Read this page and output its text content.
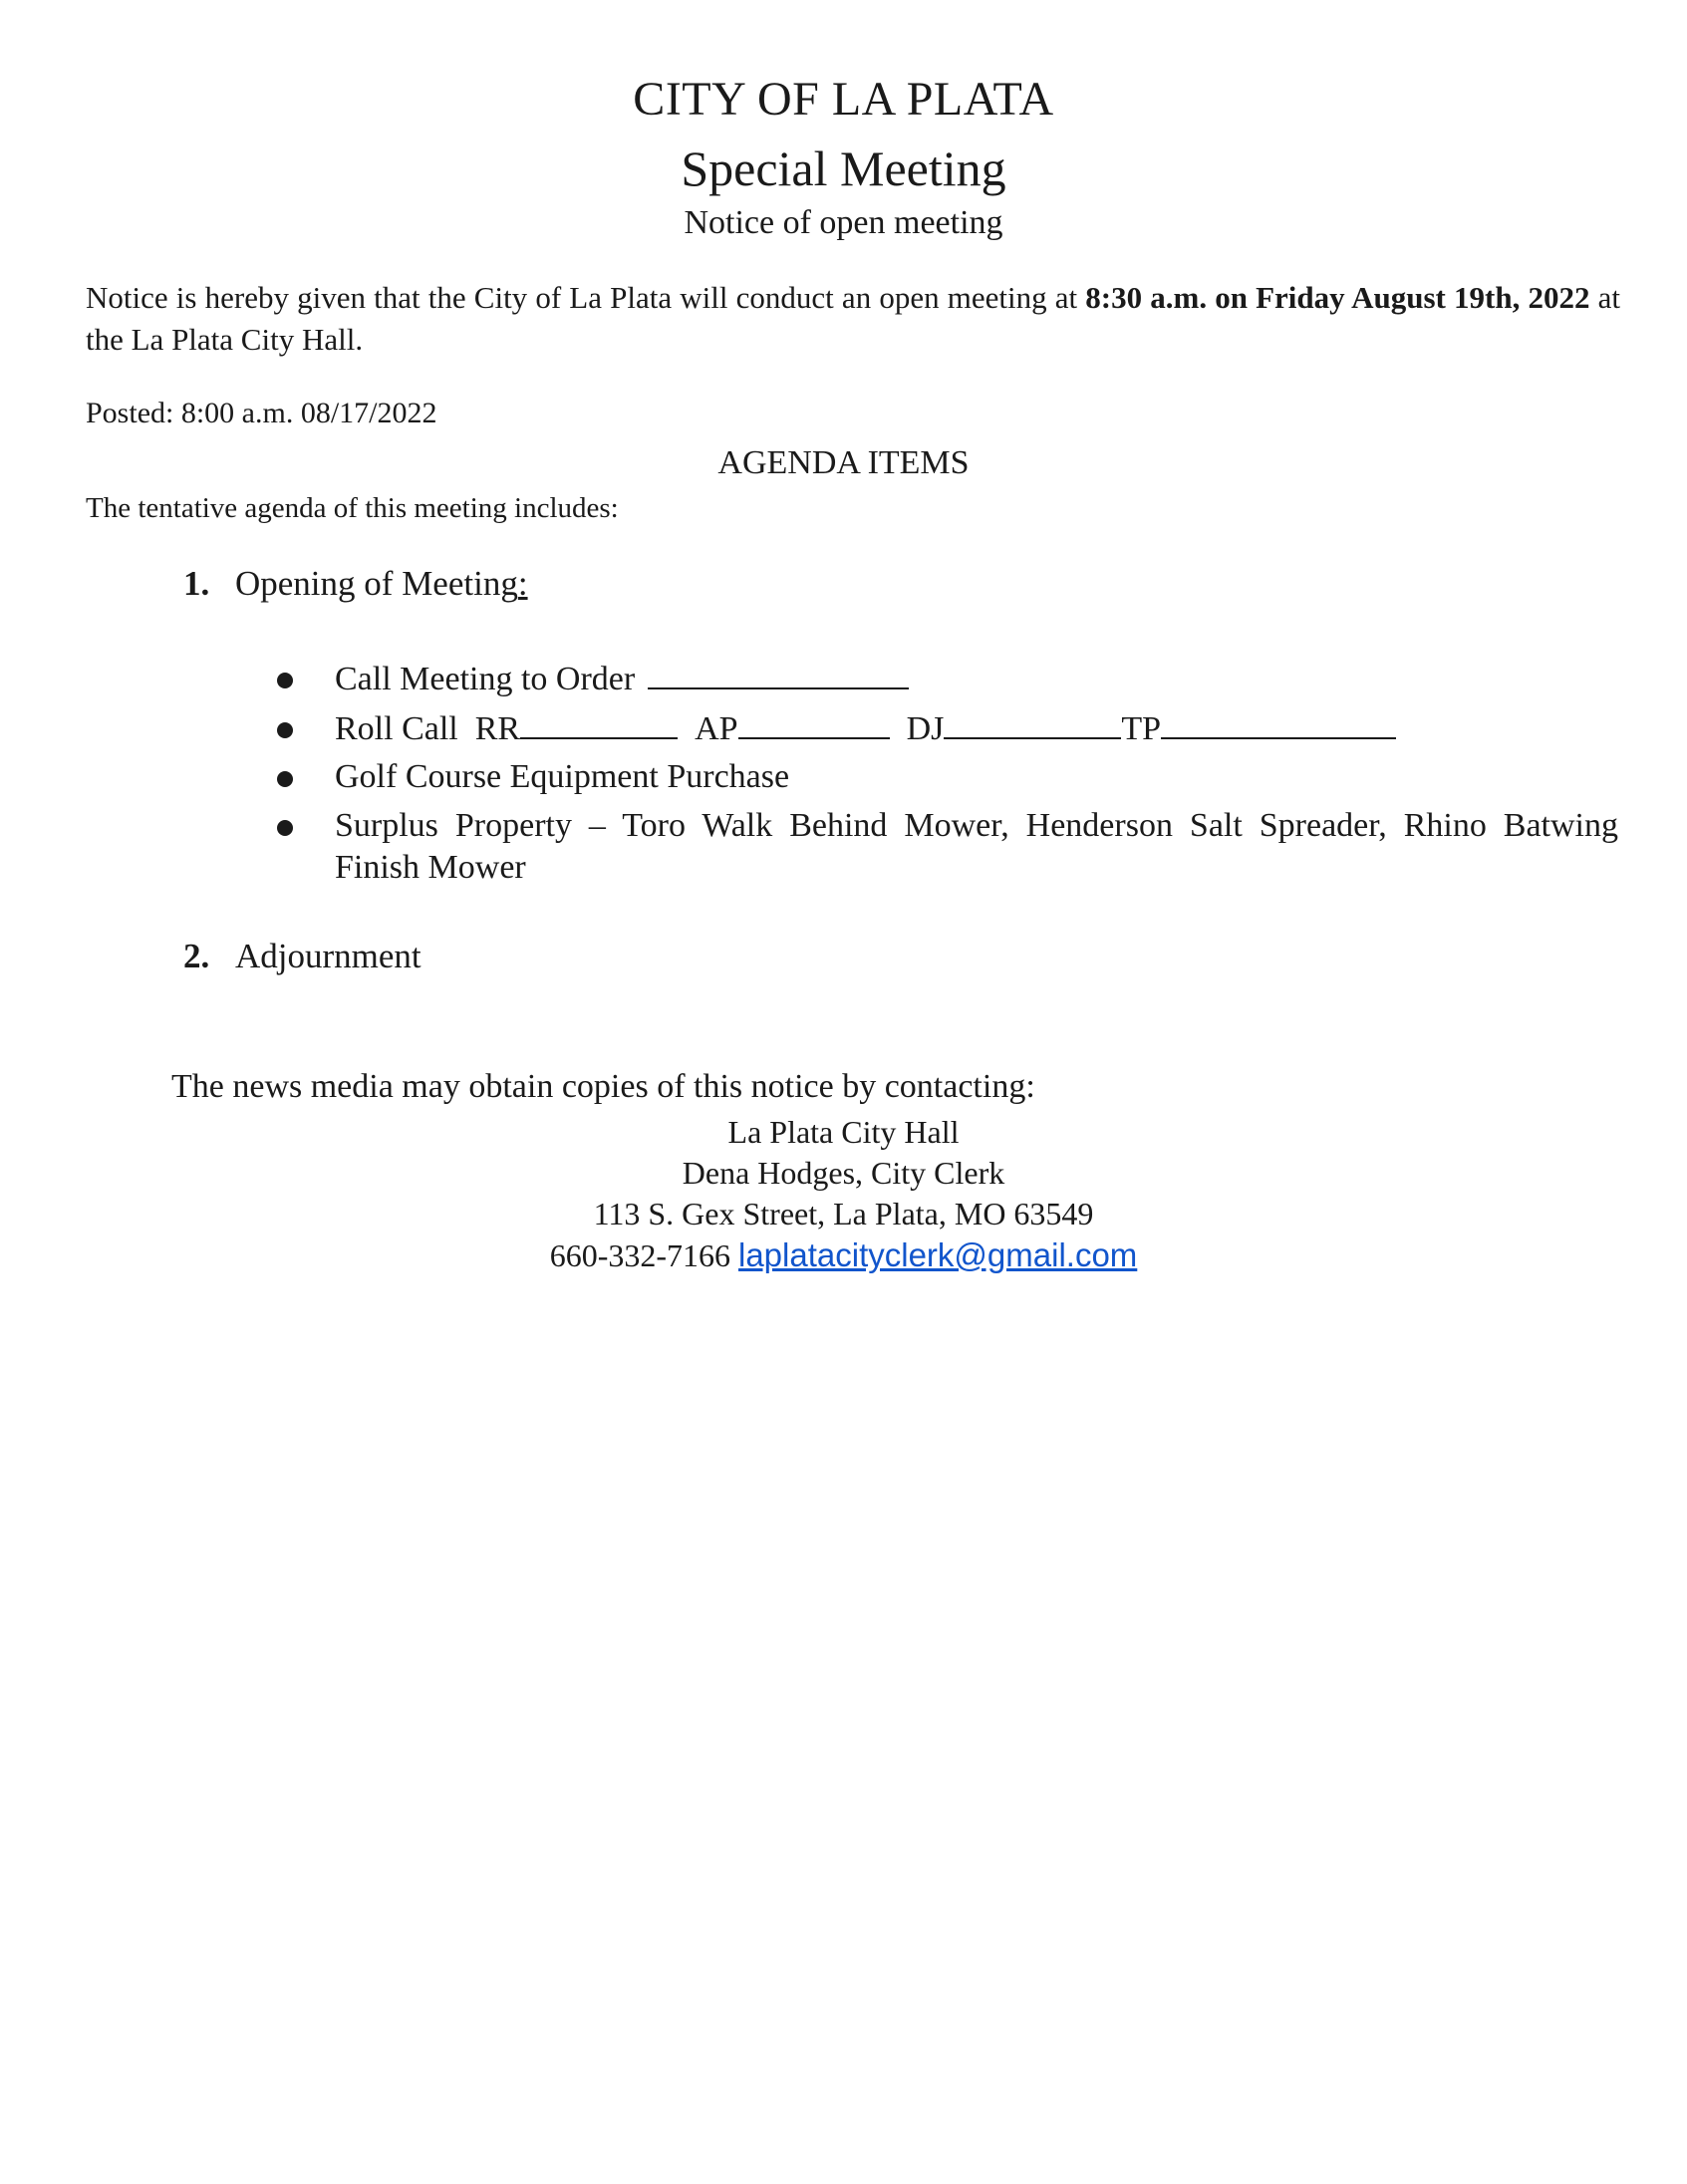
CITY OF LA PLATA
Special Meeting
Notice of open meeting
Notice is hereby given that the City of La Plata will conduct an open meeting at 8:30 a.m. on Friday August 19th, 2022 at the La Plata City Hall.
Posted: 8:00 a.m. 08/17/2022
AGENDA ITEMS
The tentative agenda of this meeting includes:
1. Opening of Meeting:
Call Meeting to Order
Roll Call RR	AP	DJ	TP
Golf Course Equipment Purchase
Surplus Property – Toro Walk Behind Mower, Henderson Salt Spreader, Rhino Batwing Finish Mower
2. Adjournment
The news media may obtain copies of this notice by contacting:
La Plata City Hall
Dena Hodges, City Clerk
113 S. Gex Street, La Plata, MO 63549
660-332-7166 laplatacityclerk@gmail.com
